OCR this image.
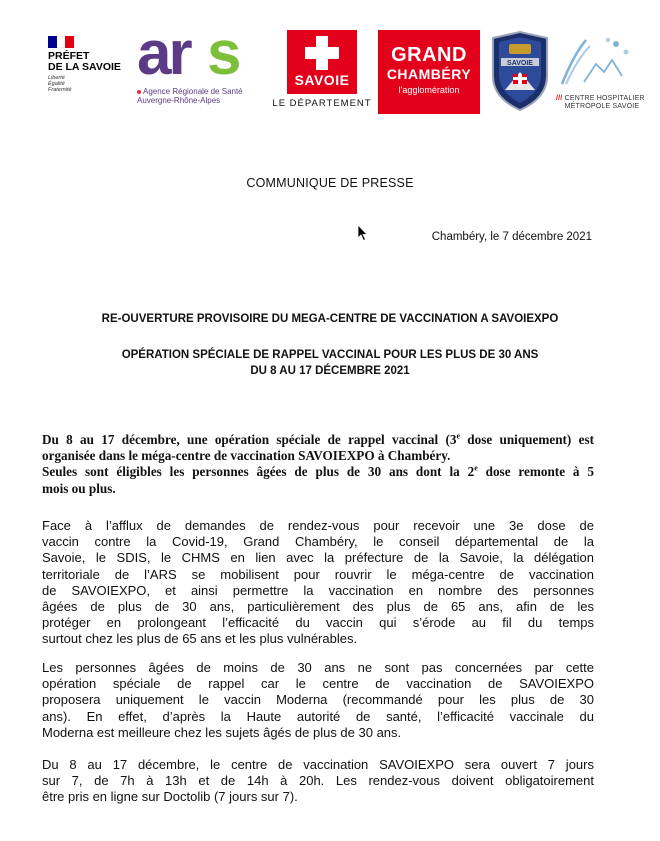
PRÉFET
DE LA SAVOIE
Liberté
Égalité
Fraternité
ar s
Agence Régionale de Santé
Auvergne-Rhône-Alpes
SAVOIE
LE DÉPARTEMENT
GRAND
CHAMBÉRY
l'agglomération
SAVOIE
/// CENTRE HOSPITALIER
MÉTROPOLE SAVOIE
COMMUNIQUE DE PRESSE
Chambéry, le 7 décembre 2021
RE-OUVERTURE PROVISOIRE DU MEGA-CENTRE DE VACCINATION A SAVOIEXPO
OPÉRATION SPÉCIALE DE RAPPEL VACCINAL POUR LES PLUS DE 30 ANS
DU 8 AU 17 DÉCEMBRE 2021
Du 8 au 17 décembre, une opération spéciale de rappel vaccinal (3e dose uniquement) est
organisée dans le méga-centre de vaccination SAVOIEXPO à Chambéry.
Seules sont éligibles les personnes âgées de plus de 30 ans dont la 2e dose remonte à 5
mois ou plus.
Face à l’afflux de demandes de rendez-vous pour recevoir une 3e dose de
vaccin contre la Covid-19, Grand Chambéry, le conseil départemental de la
Savoie, le SDIS, le CHMS en lien avec la préfecture de la Savoie, la délégation
territoriale de l’ARS se mobilisent pour rouvrir le méga-centre de vaccination
de SAVOIEXPO, et ainsi permettre la vaccination en nombre des personnes
âgées de plus de 30 ans, particulièrement des plus de 65 ans, afin de les
protéger en prolongeant l’efficacité du vaccin qui s’érode au fil du temps
surtout chez les plus de 65 ans et les plus vulnérables.
Les personnes âgées de moins de 30 ans ne sont pas concernées par cette
opération spéciale de rappel car le centre de vaccination de SAVOIEXPO
proposera uniquement le vaccin Moderna (recommandé pour les plus de 30
ans). En effet, d’après la Haute autorité de santé, l’efficacité vaccinale du
Moderna est meilleure chez les sujets âgés de plus de 30 ans.
Du 8 au 17 décembre, le centre de vaccination SAVOIEXPO sera ouvert 7 jours
sur 7, de 7h à 13h et de 14h à 20h. Les rendez-vous doivent obligatoirement
être pris en ligne sur Doctolib (7 jours sur 7).
